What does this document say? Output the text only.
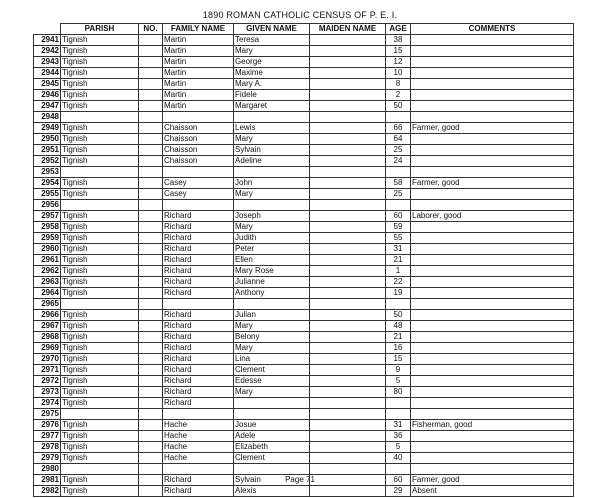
1890 ROMAN CATHOLIC CENSUS OF P. E. I.
	PARISH	NO.	FAMILY NAME	GIVEN NAME	MAIDEN NAME	AGE	COMMENTS
2941	Tignish		Martin	Teresa		38	
2942	Tignish		Martin	Mary		15	
2943	Tignish		Martin	George		12	
2944	Tignish		Martin	Maxime		10	
2945	Tignish		Martin	Mary A.		8	
2946	Tignish		Martin	Fidele		2	
2947	Tignish		Martin	Margaret		50	
2948							
2949	Tignish		Chaisson	Lewis		66	Farmer, good
2950	Tignish		Chaisson	Mary		64	
2951	Tignish		Chaisson	Sylvain		25	
2952	Tignish		Chaisson	Adeline		24	
2953							
2954	Tignish		Casey	John		58	Farmer, good
2955	Tignish		Casey	Mary		25	
2956							
2957	Tignish		Richard	Joseph		60	Laborer, good
2958	Tignish		Richard	Mary		59	
2959	Tignish		Richard	Judith		55	
2960	Tignish		Richard	Peter		31	
2961	Tignish		Richard	Ellen		21	
2962	Tignish		Richard	Mary Rose		1	
2963	Tignish		Richard	Julianne		22	
2964	Tignish		Richard	Anthony		19	
2965							
2966	Tignish		Richard	Julian		50	
2967	Tignish		Richard	Mary		48	
2968	Tignish		Richard	Belony		21	
2969	Tignish		Richard	Mary		16	
2970	Tignish		Richard	Lina		15	
2971	Tignish		Richard	Clement		9	
2972	Tignish		Richard	Edesse		5	
2973	Tignish		Richard	Mary		80	
2974	Tignish		Richard				
2975							
2976	Tignish		Hache	Josue		31	Fisherman, good
2977	Tignish		Hache	Adele		36	
2978	Tignish		Hache	Elizabeth		5	
2979	Tignish		Hache	Clement		40	
2980							
2981	Tignish		Richard	Sylvain		60	Farmer, good
2982	Tignish		Richard	Alexis		29	Absent
Page 71
